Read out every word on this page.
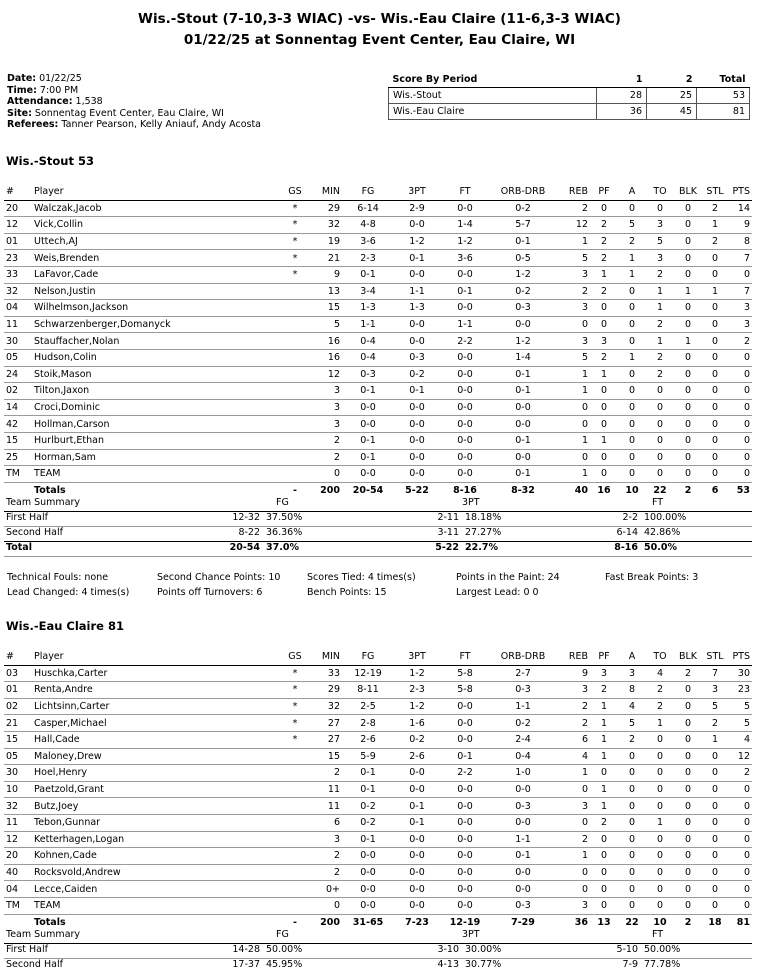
Wis.-Stout (7-10,3-3 WIAC) -vs- Wis.-Eau Claire (11-6,3-3 WIAC)
01/22/25 at Sonnentag Event Center, Eau Claire, WI
Date: 01/22/25
Time: 7:00 PM
Attendance: 1,538
Site: Sonnentag Event Center, Eau Claire, WI
Referees: Tanner Pearson, Kelly Aniauf, Andy Acosta
Score By Period	1	2	Total
Wis.-Stout	28	25	53
Wis.-Eau Claire	36	45	81
Wis.-Stout 53
#	Player	GS	MIN	FG	3PT	FT	ORB-DRB	REB	PF	A	TO	BLK	STL	PTS
20	Walczak,Jacob	*	29	6-14	2-9	0-0	0-2	2	0	0	0	0	2	14
12	Vick,Collin	*	32	4-8	0-0	1-4	5-7	12	2	5	3	0	1	9
01	Uttech,AJ	*	19	3-6	1-2	1-2	0-1	1	2	2	5	0	2	8
23	Weis,Brenden	*	21	2-3	0-1	3-6	0-5	5	2	1	3	0	0	7
33	LaFavor,Cade	*	9	0-1	0-0	0-0	1-2	3	1	1	2	0	0	0
32	Nelson,Justin		13	3-4	1-1	0-1	0-2	2	2	0	1	1	1	7
04	Wilhelmson,Jackson		15	1-3	1-3	0-0	0-3	3	0	0	1	0	0	3
11	Schwarzenberger,Domanyck		5	1-1	0-0	1-1	0-0	0	0	0	2	0	0	3
30	Stauffacher,Nolan		16	0-4	0-0	2-2	1-2	3	3	0	1	1	0	2
05	Hudson,Colin		16	0-4	0-3	0-0	1-4	5	2	1	2	0	0	0
24	Stoik,Mason		12	0-3	0-2	0-0	0-1	1	1	0	2	0	0	0
02	Tilton,Jaxon		3	0-1	0-1	0-0	0-1	1	0	0	0	0	0	0
14	Croci,Dominic		3	0-0	0-0	0-0	0-0	0	0	0	0	0	0	0
42	Hollman,Carson		3	0-0	0-0	0-0	0-0	0	0	0	0	0	0	0
15	Hurlburt,Ethan		2	0-1	0-0	0-0	0-1	1	1	0	0	0	0	0
25	Horman,Sam		2	0-1	0-0	0-0	0-0	0	0	0	0	0	0	0
TM	TEAM		0	0-0	0-0	0-0	0-1	1	0	0	0	0	0	0
	Totals	-	200	20-54	5-22	8-16	8-32	40	16	10	22	2	6	53
Team Summary	FG	3PT	FT
First Half	12-32 37.50%	2-11 18.18%	2-2 100.00%
Second Half	8-22 36.36%	3-11 27.27%	6-14 42.86%
Total	20-54 37.0%	5-22 22.7%	8-16 50.0%
Technical Fouls: none	Second Chance Points: 10	Scores Tied: 4 times(s)	Points in the Paint: 24	Fast Break Points: 3
Lead Changed: 4 times(s)	Points off Turnovers: 6	Bench Points: 15	Largest Lead: 0 0
Wis.-Eau Claire 81
#	Player	GS	MIN	FG	3PT	FT	ORB-DRB	REB	PF	A	TO	BLK	STL	PTS
03	Huschka,Carter	*	33	12-19	1-2	5-8	2-7	9	3	3	4	2	7	30
01	Renta,Andre	*	29	8-11	2-3	5-8	0-3	3	2	8	2	0	3	23
02	Lichtsinn,Carter	*	32	2-5	1-2	0-0	1-1	2	1	4	2	0	5	5
21	Casper,Michael	*	27	2-8	1-6	0-0	0-2	2	1	5	1	0	2	5
15	Hall,Cade	*	27	2-6	0-2	0-0	2-4	6	1	2	0	0	1	4
05	Maloney,Drew		15	5-9	2-6	0-1	0-4	4	1	0	0	0	0	12
30	Hoel,Henry		2	0-1	0-0	2-2	1-0	1	0	0	0	0	0	2
10	Paetzold,Grant		11	0-1	0-0	0-0	0-0	0	1	0	0	0	0	0
32	Butz,Joey		11	0-2	0-1	0-0	0-3	3	1	0	0	0	0	0
11	Tebon,Gunnar		6	0-2	0-1	0-0	0-0	0	2	0	1	0	0	0
12	Ketterhagen,Logan		3	0-1	0-0	0-0	1-1	2	0	0	0	0	0	0
20	Kohnen,Cade		2	0-0	0-0	0-0	0-1	1	0	0	0	0	0	0
40	Rocksvold,Andrew		2	0-0	0-0	0-0	0-0	0	0	0	0	0	0	0
04	Lecce,Caiden		0+	0-0	0-0	0-0	0-0	0	0	0	0	0	0	0
TM	TEAM		0	0-0	0-0	0-0	0-3	3	0	0	0	0	0	0
	Totals	-	200	31-65	7-23	12-19	7-29	36	13	22	10	2	18	81
Team Summary	FG	3PT	FT
First Half	14-28 50.00%	3-10 30.00%	5-10 50.00%
Second Half	17-37 45.95%	4-13 30.77%	7-9 77.78%
